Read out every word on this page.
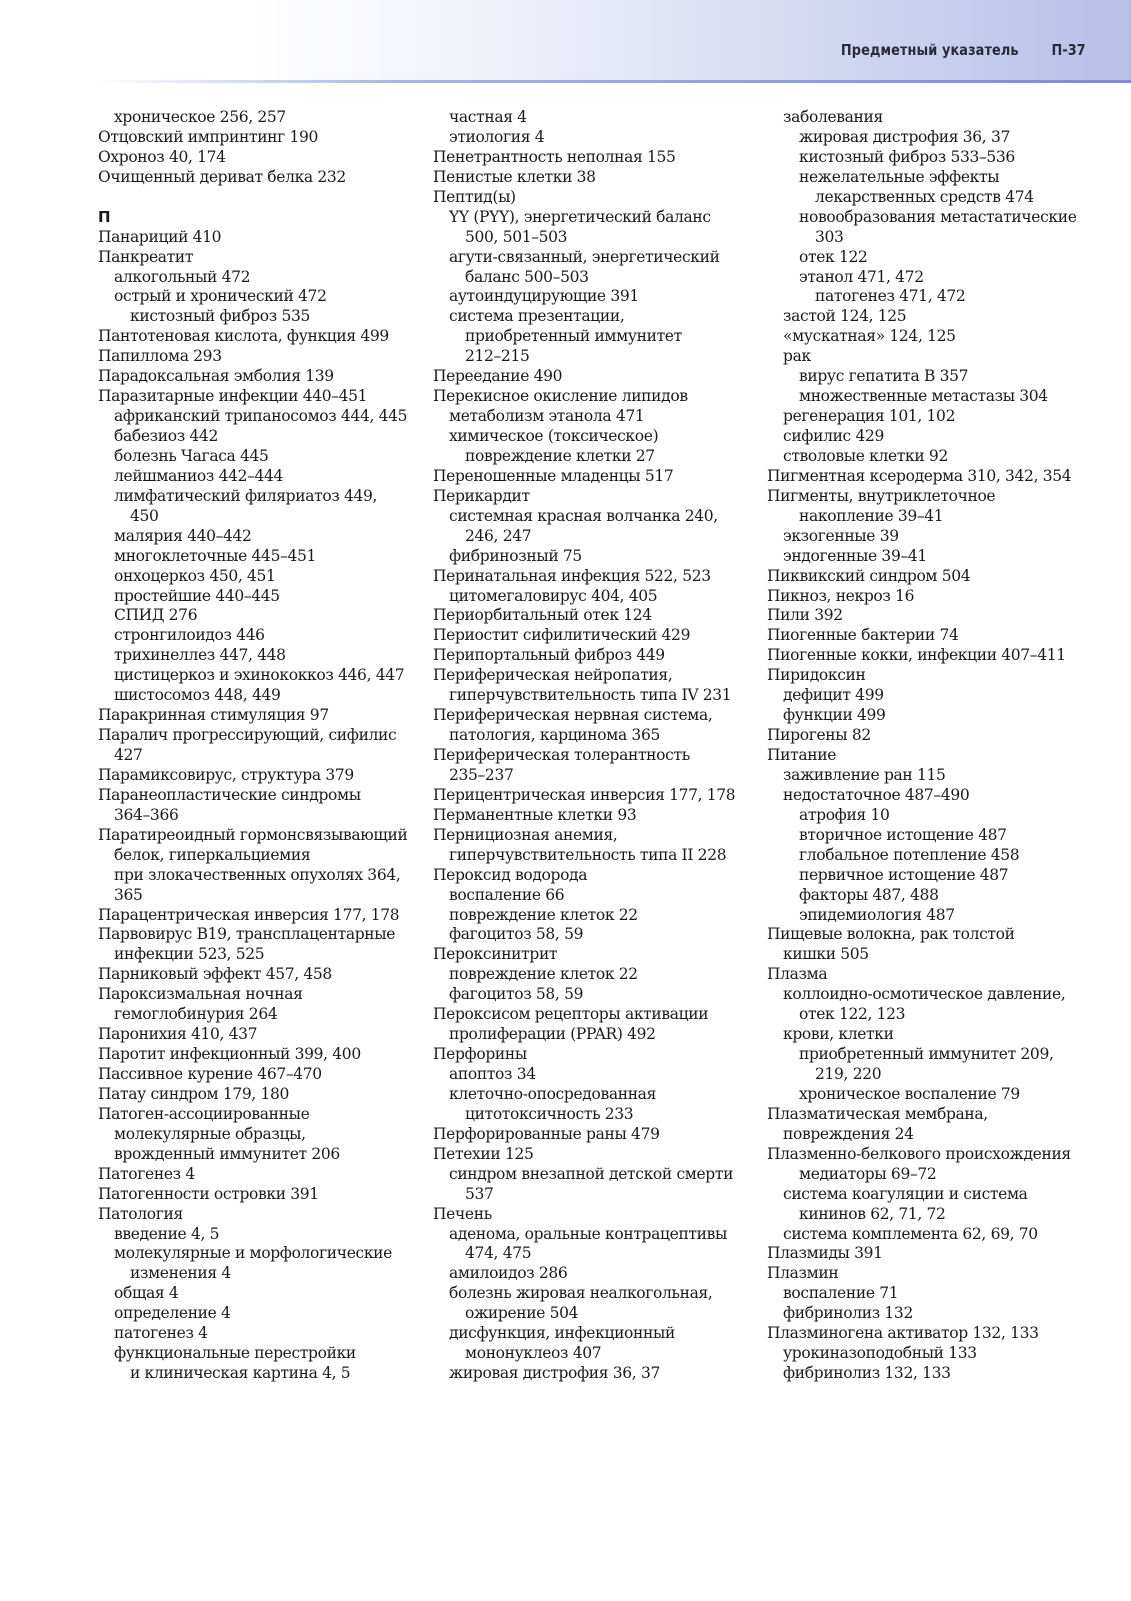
Предметный указатель П-37
хроническое 256, 257
Отцовский импринтинг 190
Охроноз 40, 174
Очищенный дериват белка 232
П
Панариций 410
Панкреатит
алкогольный 472
острый и хронический 472
кистозный фиброз 535
Пантотеновая кислота, функция 499
Папиллома 293
Парадоксальная эмболия 139
Паразитарные инфекции 440–451
африканский трипаносомоз 444, 445
бабезиоз 442
болезнь Чагаса 445
лейшманиоз 442–444
лимфатический филяриатоз 449,
450
малярия 440–442
многоклеточные 445–451
онхоцеркоз 450, 451
простейшие 440–445
СПИД 276
стронгилоидоз 446
трихинеллез 447, 448
цистицеркоз и эхинококкоз 446, 447
шистосомоз 448, 449
Паракринная стимуляция 97
Паралич прогрессирующий, сифилис
427
Парамиксовирус, структура 379
Паранеопластические синдромы
364–366
Паратиреоидный гормонсвязывающий
белок, гиперкальциемия
при злокачественных опухолях 364,
365
Парацентрическая инверсия 177, 178
Парвовирус В19, трансплацентарные
инфекции 523, 525
Парниковый эффект 457, 458
Пароксизмальная ночная
гемоглобинурия 264
Паронихия 410, 437
Паротит инфекционный 399, 400
Пассивное курение 467–470
Патау синдром 179, 180
Патоген-ассоциированные
молекулярные образцы,
врожденный иммунитет 206
Патогенез 4
Патогенности островки 391
Патология
введение 4, 5
молекулярные и морфологические
изменения 4
общая 4
определение 4
патогенез 4
функциональные перестройки
и клиническая картина 4, 5
частная 4
этиология 4
Пенетрантность неполная 155
Пенистые клетки 38
Пептид(ы)
YY (PYY), энергетический баланс
500, 501–503
агути-связанный, энергетический
баланс 500–503
аутоиндуцирующие 391
система презентации,
приобретенный иммунитет
212–215
Переедание 490
Перекисное окисление липидов
метаболизм этанола 471
химическое (токсическое)
повреждение клетки 27
Переношенные младенцы 517
Перикардит
системная красная волчанка 240,
246, 247
фибринозный 75
Перинатальная инфекция 522, 523
цитомегаловирус 404, 405
Периорбитальный отек 124
Периостит сифилитический 429
Перипортальный фиброз 449
Периферическая нейропатия,
гиперчувствительность типа IV 231
Периферическая нервная система,
патология, карцинома 365
Периферическая толерантность
235–237
Перицентрическая инверсия 177, 178
Перманентные клетки 93
Пернициозная анемия,
гиперчувствительность типа II 228
Пероксид водорода
воспаление 66
повреждение клеток 22
фагоцитоз 58, 59
Пероксинитрит
повреждение клеток 22
фагоцитоз 58, 59
Пероксисом рецепторы активации
пролиферации (PPAR) 492
Перфорины
апоптоз 34
клеточно-опосредованная
цитотоксичность 233
Перфорированные раны 479
Петехии 125
синдром внезапной детской смерти
537
Печень
аденома, оральные контрацептивы
474, 475
амилоидоз 286
болезнь жировая неалкогольная,
ожирение 504
дисфункция, инфекционный
мононуклеоз 407
жировая дистрофия 36, 37
заболевания
жировая дистрофия 36, 37
кистозный фиброз 533–536
нежелательные эффекты
лекарственных средств 474
новообразования метастатические
303
отек 122
этанол 471, 472
патогенез 471, 472
застой 124, 125
«мускатная» 124, 125
рак
вирус гепатита В 357
множественные метастазы 304
регенерация 101, 102
сифилис 429
стволовые клетки 92
Пигментная ксеродерма 310, 342, 354
Пигменты, внутриклеточное
накопление 39–41
экзогенные 39
эндогенные 39–41
Пиквикский синдром 504
Пикноз, некроз 16
Пили 392
Пиогенные бактерии 74
Пиогенные кокки, инфекции 407–411
Пиридоксин
дефицит 499
функции 499
Пирогены 82
Питание
заживление ран 115
недостаточное 487–490
атрофия 10
вторичное истощение 487
глобальное потепление 458
первичное истощение 487
факторы 487, 488
эпидемиология 487
Пищевые волокна, рак толстой
кишки 505
Плазма
коллоидно-осмотическое давление,
отек 122, 123
крови, клетки
приобретенный иммунитет 209,
219, 220
хроническое воспаление 79
Плазматическая мембрана,
повреждения 24
Плазменно-белкового происхождения
медиаторы 69–72
система коагуляции и система
кининов 62, 71, 72
система комплемента 62, 69, 70
Плазмиды 391
Плазмин
воспаление 71
фибринолиз 132
Плазминогена активатор 132, 133
урокиназоподобный 133
фибринолиз 132, 133
